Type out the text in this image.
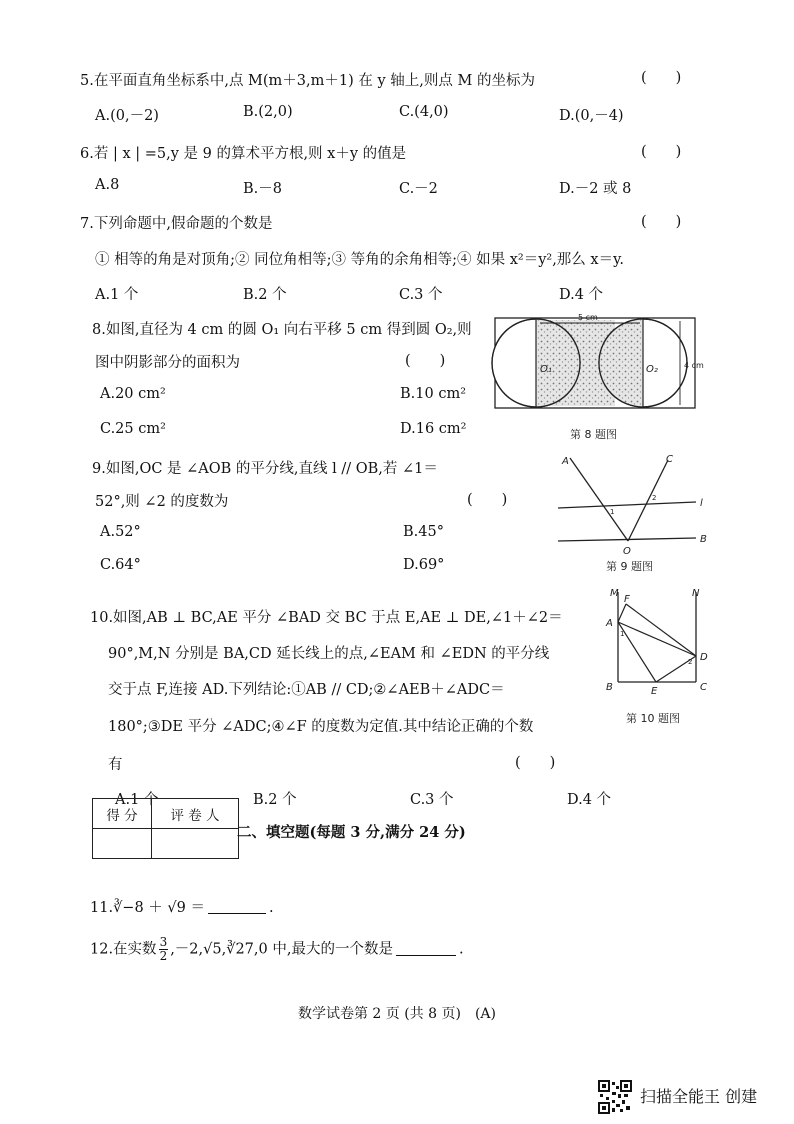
5.在平面直角坐标系中,点 M(m＋3,m＋1) 在 y 轴上,则点 M 的坐标为	(　　)
A.(0,－2)	B.(2,0)	C.(4,0)	D.(0,－4)
6.若 | x | =5,y 是 9 的算术平方根,则 x＋y 的值是	(　　)
A.8	B.－8	C.－2	D.－2 或 8
7.下列命题中,假命题的个数是	(　　)
① 相等的角是对顶角;② 同位角相等;③ 等角的余角相等;④ 如果 x²＝y²,那么 x＝y.
A.1 个	B.2 个	C.3 个	D.4 个
8.如图,直径为 4 cm 的圆 O₁ 向右平移 5 cm 得到圆 O₂,则
图中阴影部分的面积为	(　　)
A.20 cm²	B.10 cm²
C.25 cm²	D.16 cm²
5 cm
4 cm
O₁	O₂
第 8 题图
9.如图,OC 是 ∠AOB 的平分线,直线 l // OB,若 ∠1＝
52°,则 ∠2 的度数为	(　　)
A.52°	B.45°
C.64°	D.69°
A	C
l
B
O
1
2
第 9 题图
10.如图,AB ⊥ BC,AE 平分 ∠BAD 交 BC 于点 E,AE ⊥ DE,∠1＋∠2＝
90°,M,N 分别是 BA,CD 延长线上的点,∠EAM 和 ∠EDN 的平分线
交于点 F,连接 AD.下列结论:①AB // CD;②∠AEB＋∠ADC＝
180°;③DE 平分 ∠ADC;④∠F 的度数为定值.其中结论正确的个数
有	(　　)
A.1 个	B.2 个	C.3 个	D.4 个
M	N
F
A
D
B	E	C
1
2
第 10 题图
得 分	评 卷 人

二、填空题(每题 3 分,满分 24 分)
11.∛−8 ＋ √9 ＝	.
12.在实数 $\frac{3}{2}$ ,－2,√5,∛27,0 中,最大的一个数是	.
数学试卷第 2 页 (共 8 页)　(A)
扫描全能王 创建
